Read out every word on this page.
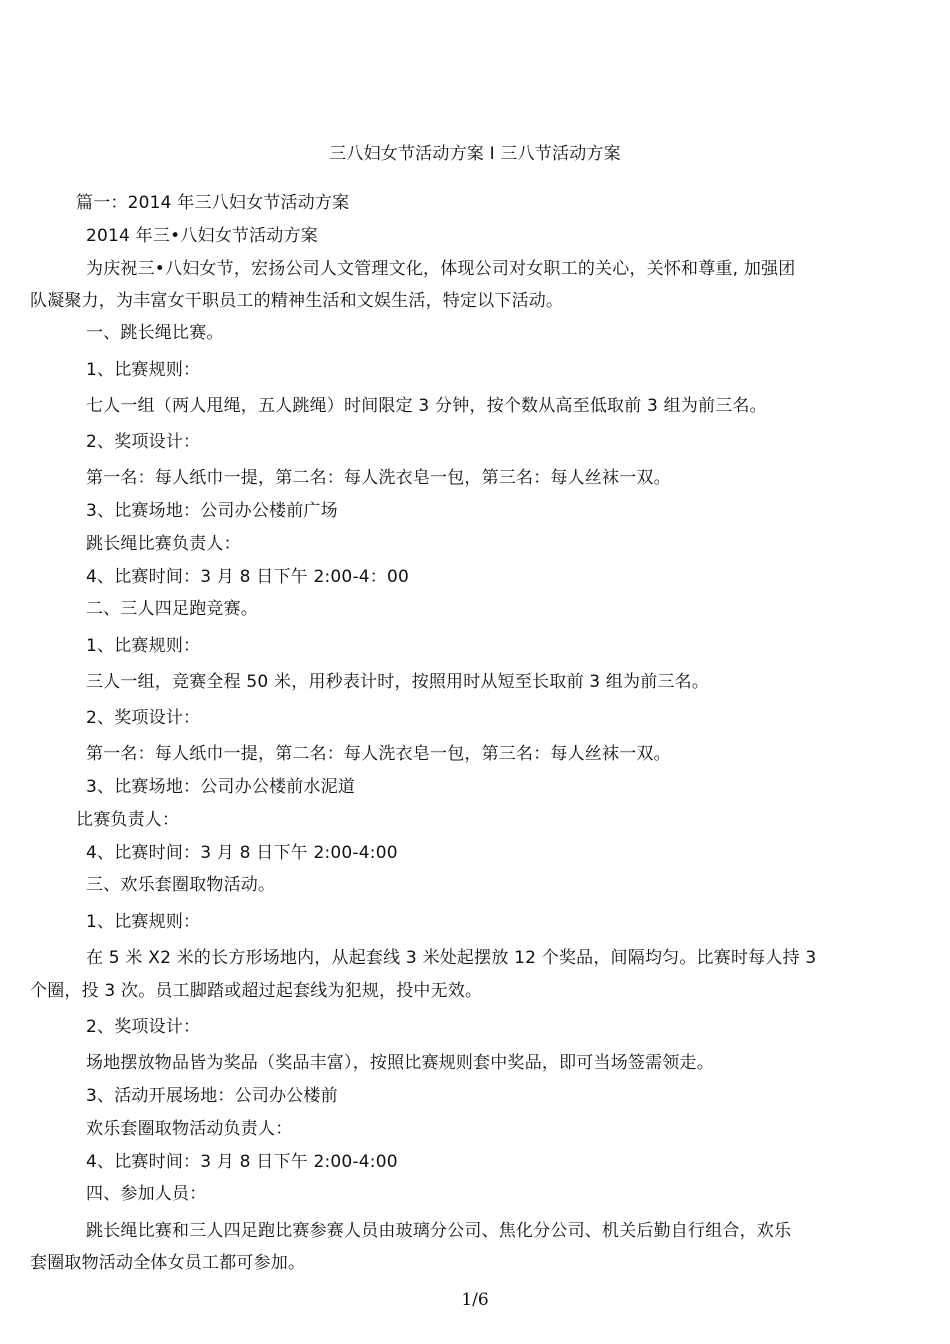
三八妇女节活动方案 I 三八节活动方案
篇一：2014 年三八妇女节活动方案
2014 年三•八妇女节活动方案
为庆祝三•八妇女节，宏扬公司人文管理文化，体现公司对女职工的关心，关怀和尊重, 加强团
队凝聚力，为丰富女干职员工的精神生活和文娱生活，特定以下活动。
一、跳长绳比赛。
1、比赛规则：
七人一组（两人甩绳，五人跳绳）时间限定 3 分钟，按个数从高至低取前 3 组为前三名。
2、奖项设计：
第一名：每人纸巾一提，第二名：每人洗衣皂一包，第三名：每人丝袜一双。
3、比赛场地：公司办公楼前广场
跳长绳比赛负责人：
4、比赛时间：3 月 8 日下午 2:00-4：00
二、三人四足跑竞赛。
1、比赛规则：
三人一组，竞赛全程 50 米，用秒表计时，按照用时从短至长取前 3 组为前三名。
2、奖项设计：
第一名：每人纸巾一提，第二名：每人洗衣皂一包，第三名：每人丝袜一双。
3、比赛场地：公司办公楼前水泥道
比赛负责人：
4、比赛时间：3 月 8 日下午 2:00-4:00
三、欢乐套圈取物活动。
1、比赛规则：
在 5 米 X2 米的长方形场地内，从起套线 3 米处起摆放 12 个奖品，间隔均匀。比赛时每人持 3
个圈，投 3 次。员工脚踏或超过起套线为犯规，投中无效。
2、奖项设计：
场地摆放物品皆为奖品（奖品丰富），按照比赛规则套中奖品，即可当场签需领走。
3、活动开展场地：公司办公楼前
欢乐套圈取物活动负责人：
4、比赛时间：3 月 8 日下午 2:00-4:00
四、参加人员：
跳长绳比赛和三人四足跑比赛参赛人员由玻璃分公司、焦化分公司、机关后勤自行组合，欢乐
套圈取物活动全体女员工都可参加。
1/6
